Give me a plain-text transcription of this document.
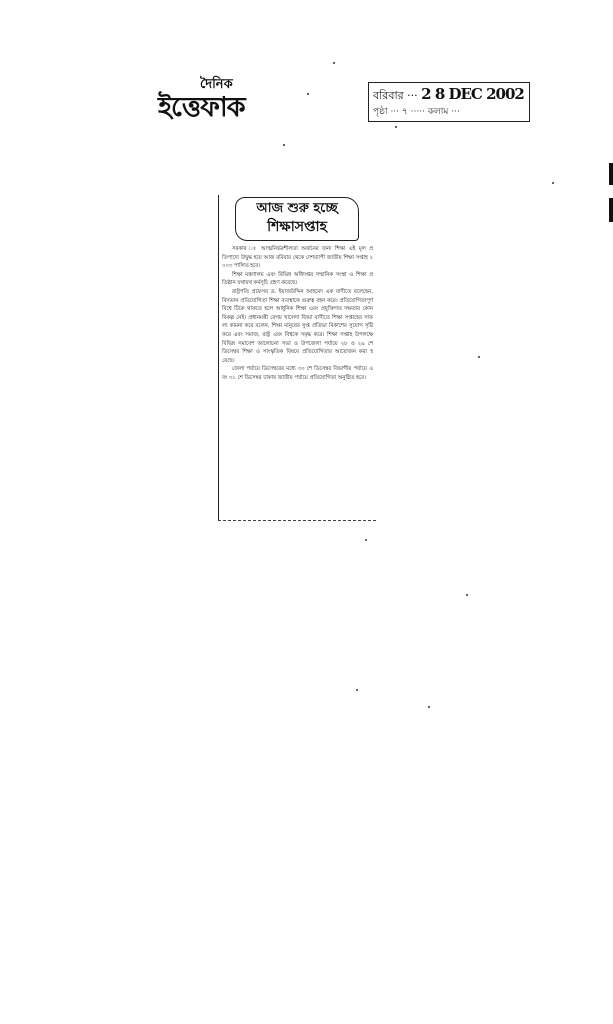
দৈনিক
ইত্তেফাক	বরিবার ··· 2 8 DEC 2002
পৃষ্ঠা ··· ৭ ····· কলাম ···
আজ শুরু হচ্ছে
শিক্ষাসপ্তাহ

সরকার ঃ আত্মনির্ভরশীলতা অর্জনের জন্য শিক্ষা এই মূল প্রতিপাদ্যে উদ্বুদ্ধ হয়ে আজ রবিবার থেকে দেশব্যাপী জাতীয় শিক্ষা সপ্তাহ ২০০৩ পালিত হবে।

শিক্ষা মন্ত্রণালয় এবং বিভিন্ন অধিদপ্তর সম্মানিক সংস্থা ও শিক্ষা প্রতিষ্ঠান যথাযথ কর্মসূচি গ্রহণ করেছে।

রাষ্ট্রপতি প্রফেসর ড. ইয়াজউদ্দিন আহমেদ এক বাণীতে বলেছেন, বিদ্যমান প্রতিযোগিতা শিক্ষা ব্যবস্থাকে গুরুত্ব বহন করে। প্রতিযোগিতাপূর্ণ বিশ্বে টিকে থাকতে হলে আধুনিক শিক্ষা এবং প্রযুক্তিগত দক্ষতার কোন বিকল্প নেই। প্রধানমন্ত্রী বেগম খালেদা জিয়া বাণীতে শিক্ষা সপ্তাহের সাফল্য কামনা করে বলেন, শিক্ষা মানুষের সুপ্ত প্রতিভা বিকাশের সুযোগ সৃষ্টি করে এবং সমাজ, রাষ্ট্র এবং বিশ্বকে সমৃদ্ধ করে। শিক্ষা সপ্তাহ উপলক্ষে বিভিন্ন সমাবেশ আলোচনা সভা ও উপজেলা পর্যায়ে ২৮ ও ২৯ শে ডিসেম্বর শিক্ষা ও সাংস্কৃতিক বিষয়ে প্রতিযোগিতার আয়োজন করা হয়েছে।

জেলা পর্যায়ে ডিসেম্বরের মধ্যে ৩০ শে ডিসেম্বর বিভাগীয় পর্যায়ে এবং ৩১ শে ডিসেম্বর ঢাকায় জাতীয় পর্যায়ে প্রতিযোগিতা অনুষ্ঠিত হবে।
